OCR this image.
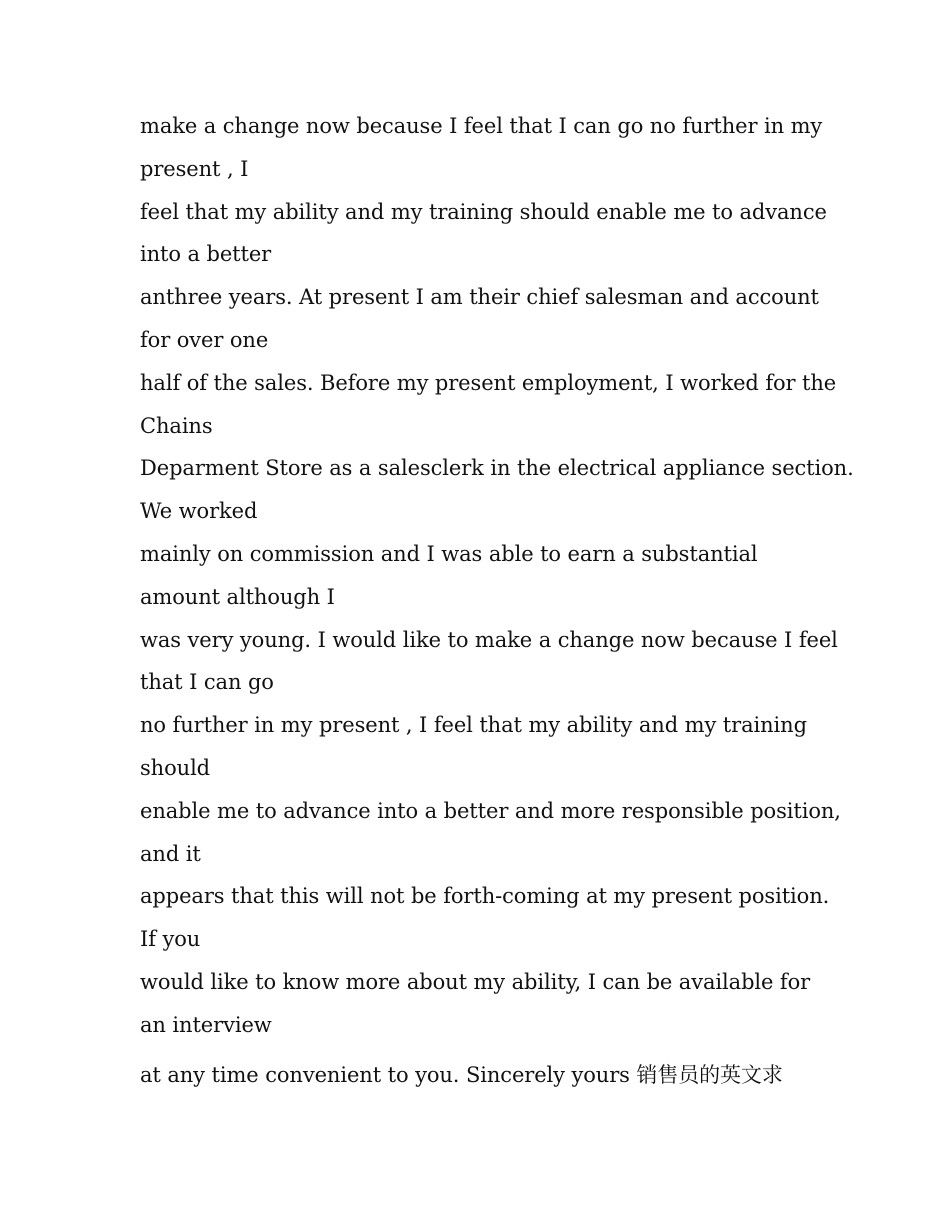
make a change now because I feel that I can go no further in my
present , I
feel that my ability and my training should enable me to advance
into a better
anthree years. At present I am their chief salesman and account
for over one
half of the sales. Before my present employment, I worked for the
Chains
Deparment Store as a salesclerk in the electrical appliance section.
We worked
mainly on commission and I was able to earn a substantial
amount although I
was very young. I would like to make a change now because I feel
that I can go
no further in my present , I feel that my ability and my training
should
enable me to advance into a better and more responsible position,
and it
appears that this will not be forth-coming at my present position.
If you
would like to know more about my ability, I can be available for
an interview
at any time convenient to you. Sincerely yours 销售员的英文求
